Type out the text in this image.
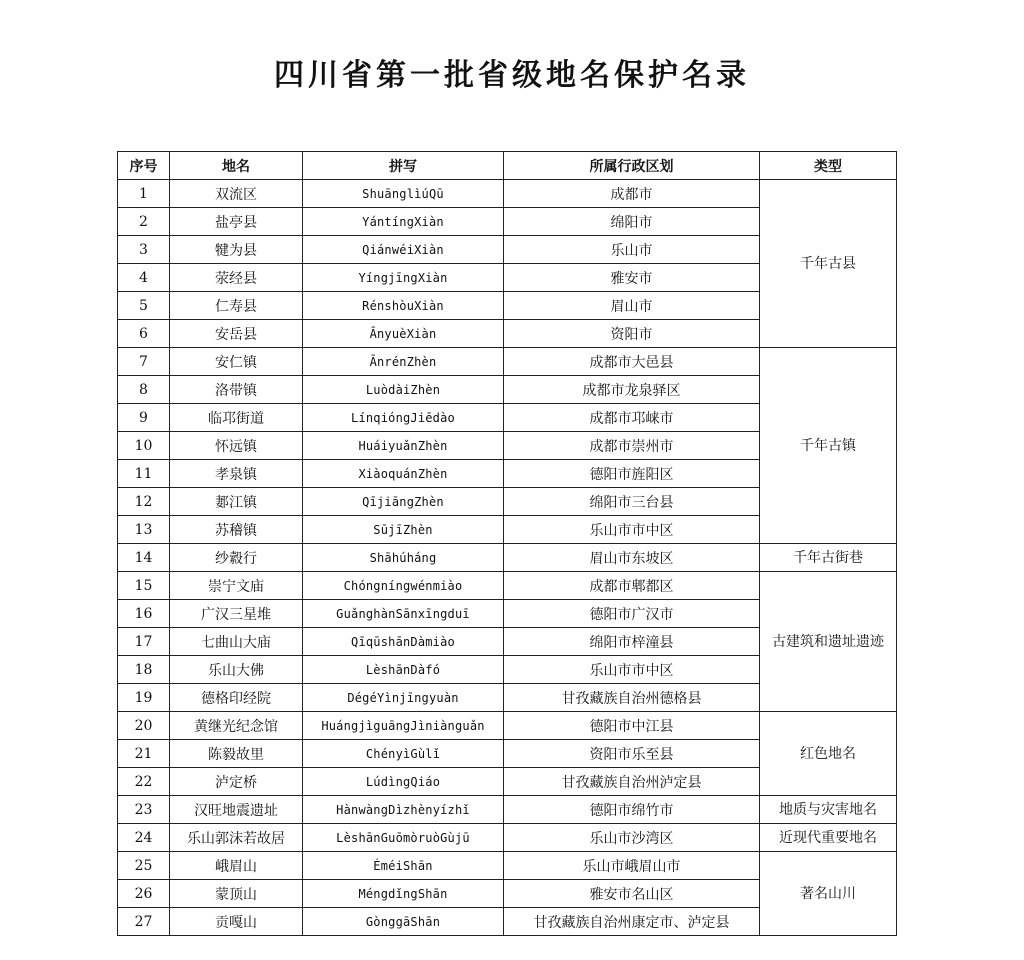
四川省第一批省级地名保护名录
序号	地名	拼写	所属行政区划	类型
1	双流区	ShuānglìúQū	成都市	千年古县
2	盐亭县	YántíngXiàn	绵阳市	
3	犍为县	QiánwéiXiàn	乐山市	
4	荥经县	YíngjīngXiàn	雅安市	
5	仁寿县	RénshòuXiàn	眉山市	
6	安岳县	ĀnyuèXiàn	资阳市	
7	安仁镇	ĀnrénZhèn	成都市大邑县	千年古镇
8	洛带镇	LuòdàiZhèn	成都市龙泉驿区	
9	临邛街道	LínqióngJiēdào	成都市邛崃市	
10	怀远镇	HuáiyuǎnZhèn	成都市崇州市	
11	孝泉镇	XiàoquánZhèn	德阳市旌阳区	
12	郪江镇	QījiāngZhèn	绵阳市三台县	
13	苏稽镇	SūjīZhèn	乐山市市中区	
14	纱縠行	Shāhúháng	眉山市东坡区	千年古街巷
15	崇宁文庙	Chóngníngwénmiào	成都市郫都区	古建筑和遗址遗迹
16	广汉三星堆	GuǎnghànSānxīngduī	德阳市广汉市	
17	七曲山大庙	QīqūshānDàmiào	绵阳市梓潼县	
18	乐山大佛	LèshānDàfó	乐山市市中区	
19	德格印经院	DégéYìnjīngyuàn	甘孜藏族自治州德格县	
20	黄继光纪念馆	HuángjìguāngJìniànguǎn	德阳市中江县	红色地名
21	陈毅故里	ChényìGùlǐ	资阳市乐至县	
22	泸定桥	LúdìngQiáo	甘孜藏族自治州泸定县	
23	汉旺地震遗址	HànwàngDìzhènyízhǐ	德阳市绵竹市	地质与灾害地名
24	乐山郭沫若故居	LèshānGuōmòruòGùjū	乐山市沙湾区	近现代重要地名
25	峨眉山	ÉméiShān	乐山市峨眉山市	著名山川
26	蒙顶山	MéngdǐngShān	雅安市名山区	
27	贡嘎山	GònggāShān	甘孜藏族自治州康定市、泸定县	
